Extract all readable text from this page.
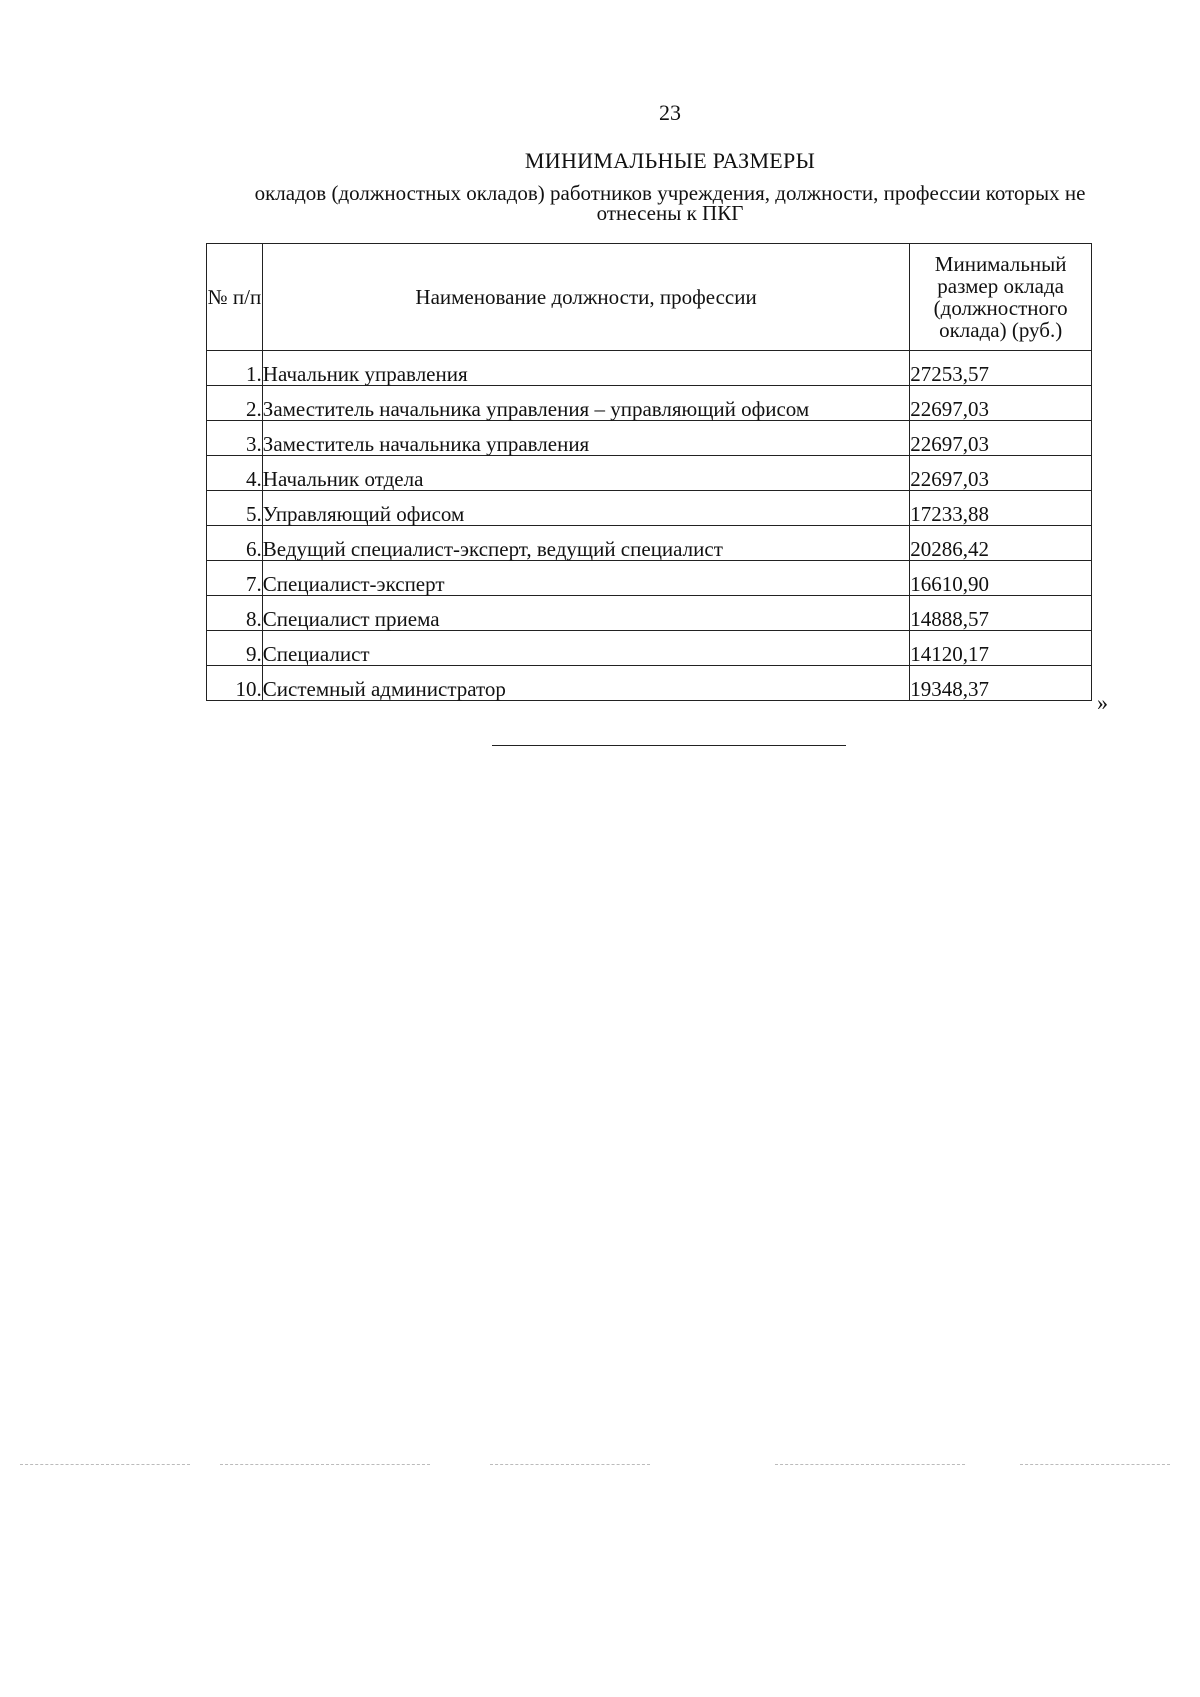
23
МИНИМАЛЬНЫЕ РАЗМЕРЫ
окладов (должностных окладов) работников учреждения, должности, профессии которых не отнесены к ПКГ
№ п/п	Наименование должности, профессии	Минимальный размер оклада (должностного оклада) (руб.)
1.	Начальник управления	27253,57
2.	Заместитель начальника управления – управляющий офисом	22697,03
3.	Заместитель начальника управления	22697,03
4.	Начальник отдела	22697,03
5.	Управляющий офисом	17233,88
6.	Ведущий специалист-эксперт, ведущий специалист	20286,42
7.	Специалист-эксперт	16610,90
8.	Специалист приема	14888,57
9.	Специалист	14120,17
10.	Системный администратор	19348,37
»
